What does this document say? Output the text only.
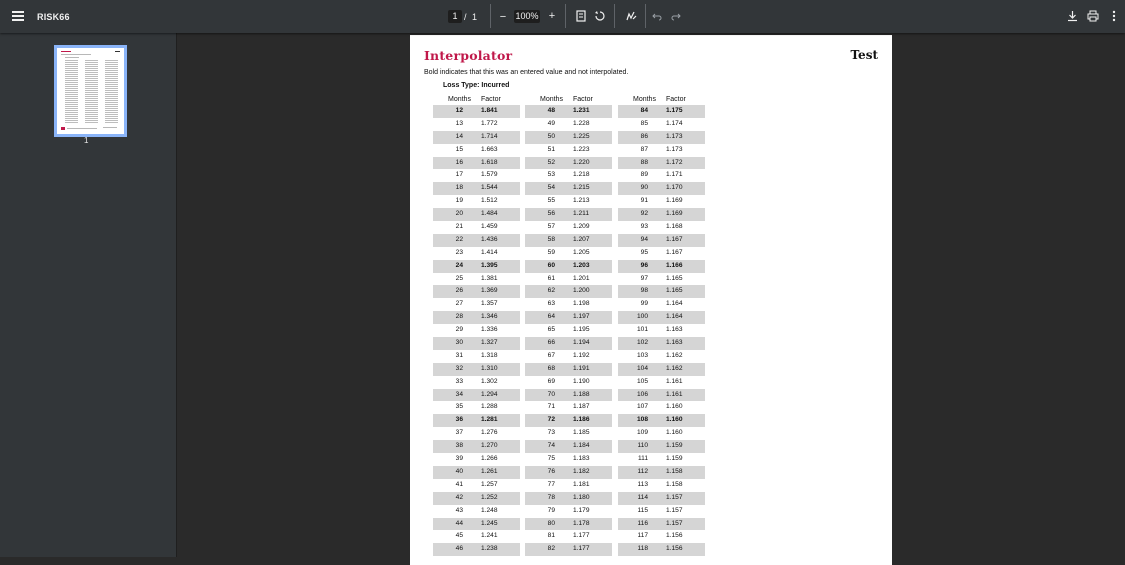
RISK66	1 / 1 −	100% +
1
Interpolator	Test
Bold indicates that this was an entered value and not interpolated.
Loss Type: Incurred
Months Factor
12	1.841
13	1.772
14	1.714
15	1.663
16	1.618
17	1.579
18	1.544
19	1.512
20	1.484
21	1.459
22	1.436
23	1.414
24	1.395
25	1.381
26	1.369
27	1.357
28	1.346
29	1.336
30	1.327
31	1.318
32	1.310
33	1.302
34	1.294
35	1.288
36	1.281
37	1.276
38	1.270
39	1.266
40	1.261
41	1.257
42	1.252
43	1.248
44	1.245
45	1.241
46	1.238
Months Factor
48	1.231
49	1.228
50	1.225
51	1.223
52	1.220
53	1.218
54	1.215
55	1.213
56	1.211
57	1.209
58	1.207
59	1.205
60	1.203
61	1.201
62	1.200
63	1.198
64	1.197
65	1.195
66	1.194
67	1.192
68	1.191
69	1.190
70	1.188
71	1.187
72	1.186
73	1.185
74	1.184
75	1.183
76	1.182
77	1.181
78	1.180
79	1.179
80	1.178
81	1.177
82	1.177
Months Factor
84	1.175
85	1.174
86	1.173
87	1.173
88	1.172
89	1.171
90	1.170
91	1.169
92	1.169
93	1.168
94	1.167
95	1.167
96	1.166
97	1.165
98	1.165
99	1.164
100	1.164
101	1.163
102	1.163
103	1.162
104	1.162
105	1.161
106	1.161
107	1.160
108	1.160
109	1.160
110	1.159
111	1.159
112	1.158
113	1.158
114	1.157
115	1.157
116	1.157
117	1.156
118	1.156
